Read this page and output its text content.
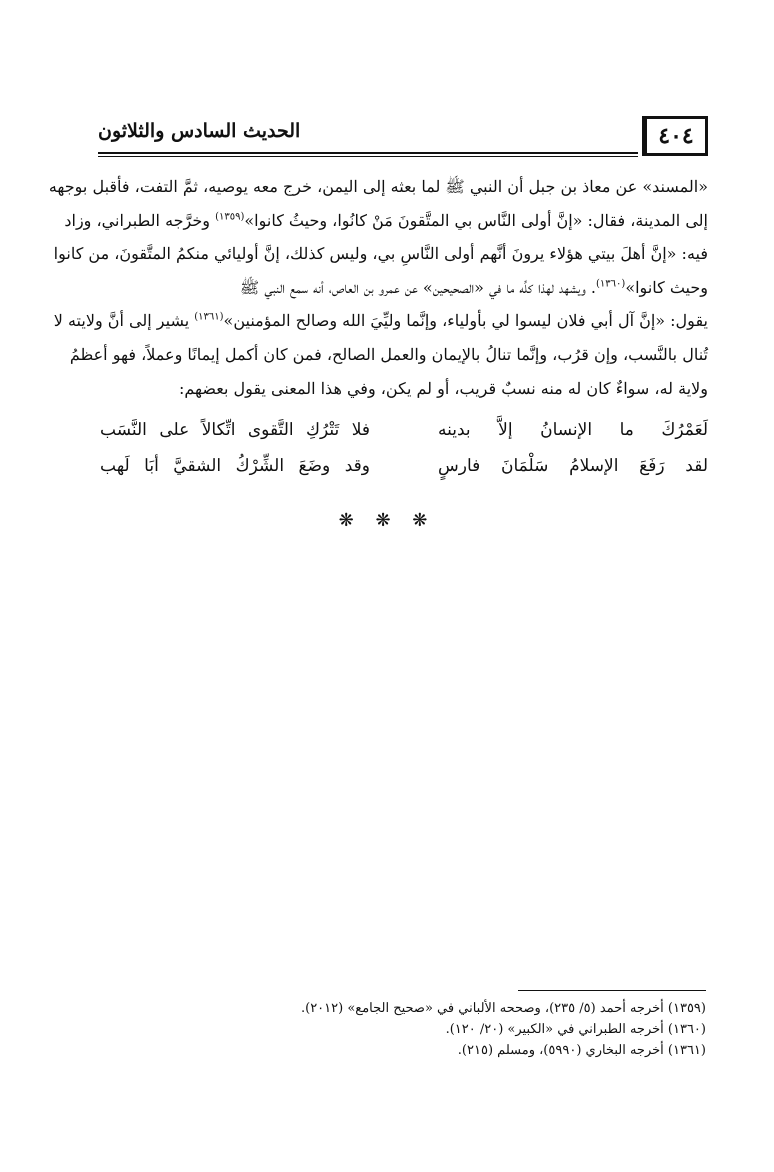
الحديث السادس والثلاثون	٤٠٤
«المسند» عن معاذ بن جبل أن النبي ﷺ لما بعثه إلى اليمن، خرج معه يوصيه، ثمَّ التفت، فأقبل بوجهه
إلى المدينة، فقال: «إنَّ أولى النَّاس بي المتَّقونَ مَنْ كانُوا، وحيثُ كانوا»$^{(١٣٥٩)}$ وخرَّجه الطبراني، وزاد
فيه: «إنَّ أهلَ بيتي هؤلاء يرونَ أنَّهم أولى النَّاسِ بي، وليس كذلك، إنَّ أوليائي منكمُ المتَّقونَ، من كانوا
وحيث كانوا»$^{(١٣٦٠)}$. ويشهد لهذا كلِّه ما في «الصحيحين» عن عمرو بن العاص، أنه سمع النبي ﷺ
يقول: «إنَّ آل أبي فلان ليسوا لي بأولياء، وإنَّما وليِّيَ الله وصالح المؤمنين»$^{(١٣٦١)}$ يشير إلى أنَّ ولايته لا
تُنال بالنَّسب، وإن قرُب، وإنَّما تنالُ بالإيمان والعمل الصالح، فمن كان أكمل إيمانًا وعملاً، فهو أعظمُ
ولاية له، سواءٌ كان له منه نسبٌ قريب، أو لم يكن، وفي هذا المعنى يقول بعضهم:
لَعَمْرُكَ ما الإنسانُ إلاَّ بدينه
فلا تَتْرُكِ التَّقوى اتِّكالاً على النَّسَب
لقد رَفَعَ الإسلامُ سَلْمَانَ فارسٍ
وقد وضَعَ الشِّرْكُ الشقيَّ أبَا لَهب
❋ ❋ ❋
(١٣٥٩) أخرجه أحمد (٥/ ٢٣٥)، وصححه الألباني في «صحيح الجامع» (٢٠١٢).
(١٣٦٠) أخرجه الطبراني في «الكبير» (٢٠/ ١٢٠).
(١٣٦١) أخرجه البخاري (٥٩٩٠)، ومسلم (٢١٥).
